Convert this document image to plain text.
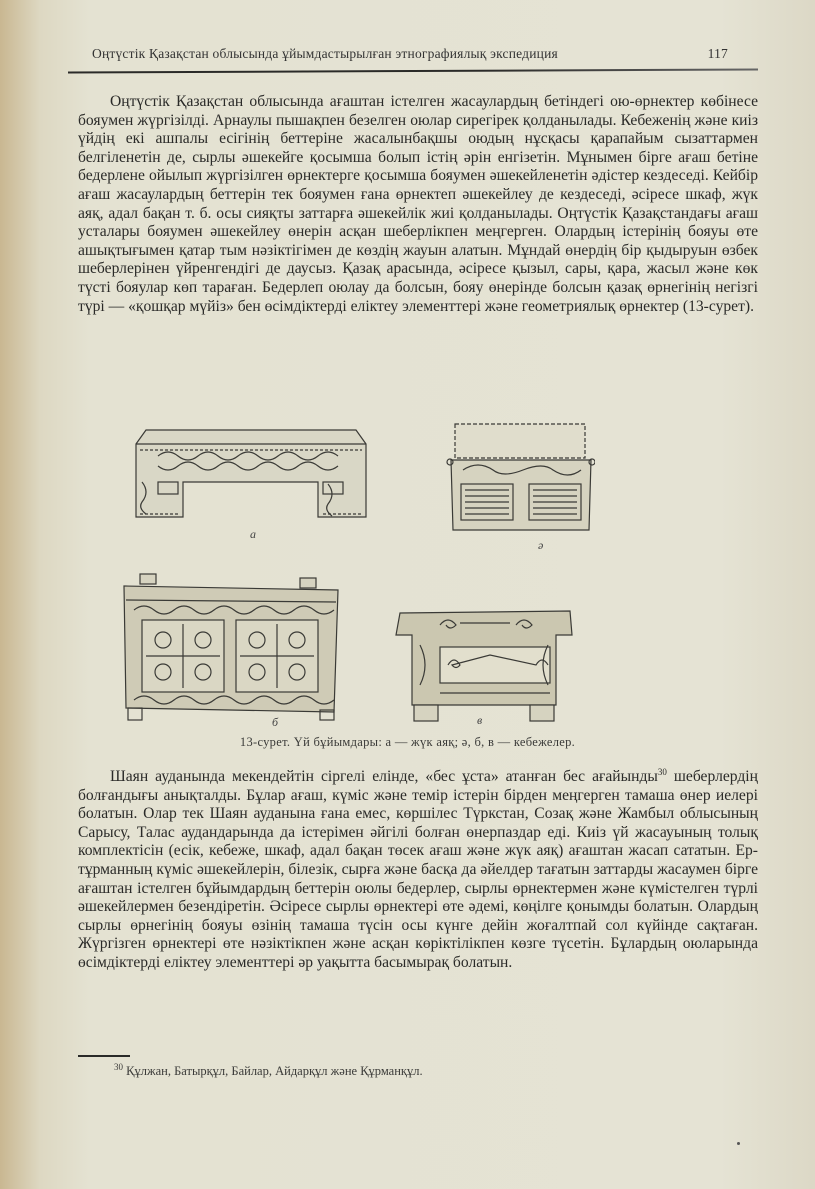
Оңтүстік Қазақстан облысында ұйымдастырылған этнографиялық экспедиция	117

Оңтүстік Қазақстан облысында ағаштан істелген жасаулардың бетіндегі ою-өрнектер көбінесе бояумен жүргізілді. Арнаулы пышақпен безелген оюлар сирегірек қолданылады. Кебеженің және киіз үйдің екі ашпалы есігінің беттеріне жасалынбақшы оюдың нұсқасы қарапайым сызаттармен белгіленетін де, сырлы әшекейге қосымша болып істің әрін енгізетін. Мұнымен бірге ағаш бетіне бедерлене ойылып жүргізілген өрнектерге қосымша бояумен әшекейленетін әдістер кездеседі. Кейбір ағаш жасаулардың беттерін тек бояумен ғана өрнектеп әшекейлеу де кездеседі, әсіресе шкаф, жүк аяқ, адал бақан т. б. осы сияқты заттарға әшекейлік жиі қолданылады. Оңтүстік Қазақстандағы ағаш усталары бояумен әшекейлеу өнерін асқан шеберлікпен меңгерген. Олардың істерінің бояуы өте ашықтығымен қатар тым нәзіктігімен де көздің жауын алатын. Мұндай өнердің бір қыдыруын өзбек шеберлерінен үйренгендігі де даусыз. Қазақ арасында, әсіресе қызыл, сары, қара, жасыл және көк түсті бояулар көп тараған. Бедерлеп оюлау да болсын, бояу өнерінде болсын қазақ өрнегінің негізгі түрі — «қошқар мүйіз» бен өсімдіктерді еліктеу элементтері және геометриялық өрнектер (13-сурет).

а
ә
б	в
13-сурет. Үй бұйымдары: а — жүк аяқ; ә, б, в — кебежелер.

Шаян ауданында мекендейтін сіргелі елінде, «бес ұста» атанған бес ағайынды$^{30}$ шеберлердің болғандығы анықталды. Бұлар ағаш, күміс және темір істерін бірден меңгерген тамаша өнер иелері болатын. Олар тек Шаян ауданына ғана емес, көршілес Түркстан, Созақ және Жамбыл облысының Сарысу, Талас аудандарында да істерімен әйгілі болған өнерпаздар еді. Киіз үй жасауының толық комплектісін (есік, кебеже, шкаф, адал бақан төсек ағаш және жүк аяқ) ағаштан жасап сататын. Ер-тұрманның күміс әшекейлерін, білезік, сырға және басқа да әйелдер тағатын заттарды жасаумен бірге ағаштан істелген бұйымдардың беттерін оюлы бедерлер, сырлы өрнектермен және күмістелген түрлі әшекейлермен безендіретін. Әсіресе сырлы өрнектері өте әдемі, көңілге қонымды болатын. Олардың сырлы өрнегінің бояуы өзінің тамаша түсін осы күнге дейін жоғалтпай сол күйінде сақтаған. Жүргізген өрнектері өте нәзіктікпен және асқан көріктілікпен көзге түсетін. Бұлардың оюларында өсімдіктерді еліктеу элементтері әр уақытта басымырақ болатын.

$^{30}$ Құлжан, Батырқұл, Байлар, Айдарқұл және Құрманқұл.
